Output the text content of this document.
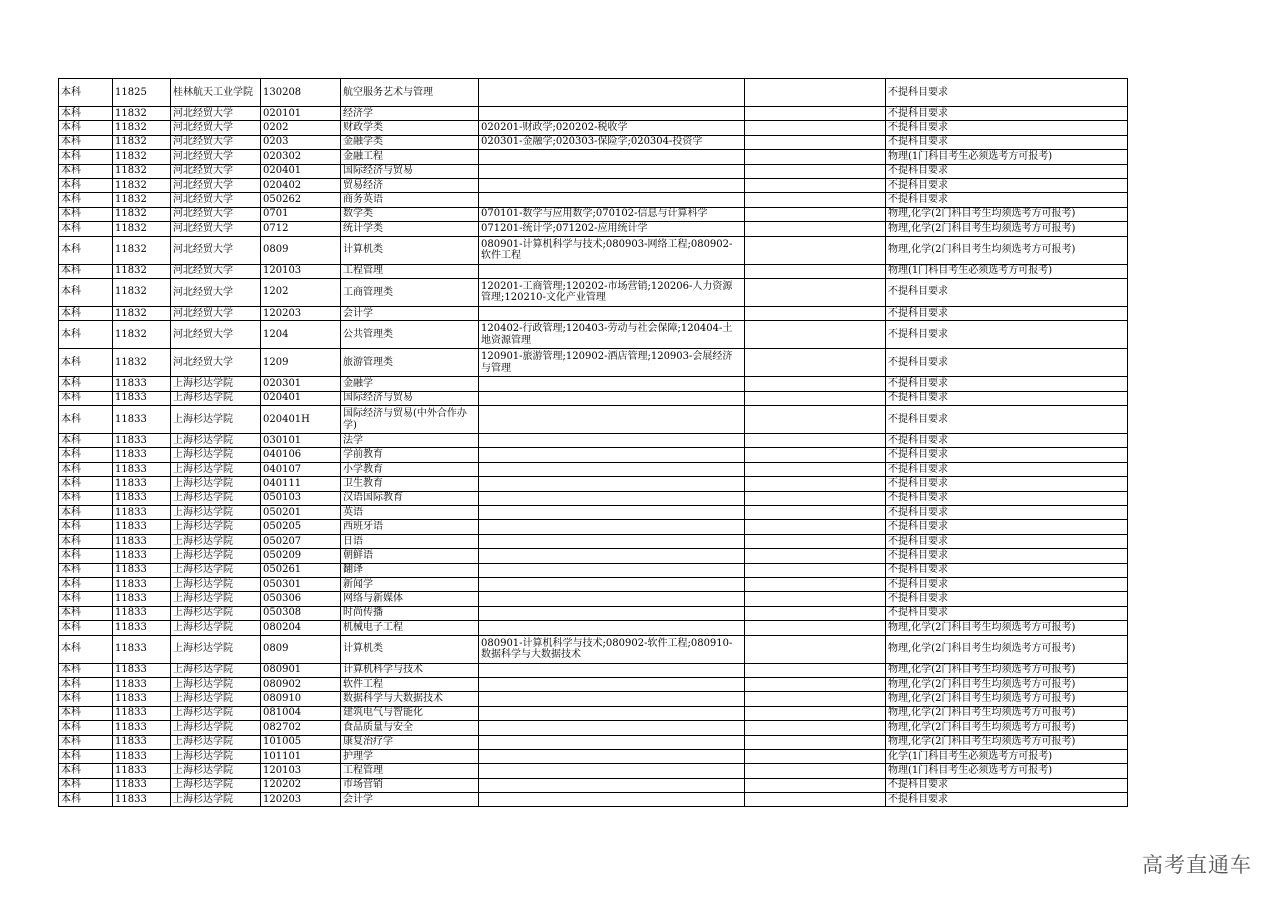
本科	11825	桂林航天工业学院	130208	航空服务艺术与管理			不提科目要求
本科	11832	河北经贸大学	020101	经济学			不提科目要求
本科	11832	河北经贸大学	0202	财政学类	020201-财政学;020202-税收学		不提科目要求
本科	11832	河北经贸大学	0203	金融学类	020301-金融学;020303-保险学;020304-投资学		不提科目要求
本科	11832	河北经贸大学	020302	金融工程			物理(1门科目考生必须选考方可报考)
本科	11832	河北经贸大学	020401	国际经济与贸易			不提科目要求
本科	11832	河北经贸大学	020402	贸易经济			不提科目要求
本科	11832	河北经贸大学	050262	商务英语			不提科目要求
本科	11832	河北经贸大学	0701	数学类	070101-数学与应用数学;070102-信息与计算科学		物理,化学(2门科目考生均须选考方可报考)
本科	11832	河北经贸大学	0712	统计学类	071201-统计学;071202-应用统计学		物理,化学(2门科目考生均须选考方可报考)
本科	11832	河北经贸大学	0809	计算机类	080901-计算机科学与技术;080903-网络工程;080902-软件工程		物理,化学(2门科目考生均须选考方可报考)
本科	11832	河北经贸大学	120103	工程管理			物理(1门科目考生必须选考方可报考)
本科	11832	河北经贸大学	1202	工商管理类	120201-工商管理;120202-市场营销;120206-人力资源管理;120210-文化产业管理		不提科目要求
本科	11832	河北经贸大学	120203	会计学			不提科目要求
本科	11832	河北经贸大学	1204	公共管理类	120402-行政管理;120403-劳动与社会保障;120404-土地资源管理		不提科目要求
本科	11832	河北经贸大学	1209	旅游管理类	120901-旅游管理;120902-酒店管理;120903-会展经济与管理		不提科目要求
本科	11833	上海杉达学院	020301	金融学			不提科目要求
本科	11833	上海杉达学院	020401	国际经济与贸易			不提科目要求
本科	11833	上海杉达学院	020401H	国际经济与贸易(中外合作办学)			不提科目要求
本科	11833	上海杉达学院	030101	法学			不提科目要求
本科	11833	上海杉达学院	040106	学前教育			不提科目要求
本科	11833	上海杉达学院	040107	小学教育			不提科目要求
本科	11833	上海杉达学院	040111	卫生教育			不提科目要求
本科	11833	上海杉达学院	050103	汉语国际教育			不提科目要求
本科	11833	上海杉达学院	050201	英语			不提科目要求
本科	11833	上海杉达学院	050205	西班牙语			不提科目要求
本科	11833	上海杉达学院	050207	日语			不提科目要求
本科	11833	上海杉达学院	050209	朝鲜语			不提科目要求
本科	11833	上海杉达学院	050261	翻译			不提科目要求
本科	11833	上海杉达学院	050301	新闻学			不提科目要求
本科	11833	上海杉达学院	050306	网络与新媒体			不提科目要求
本科	11833	上海杉达学院	050308	时尚传播			不提科目要求
本科	11833	上海杉达学院	080204	机械电子工程			物理,化学(2门科目考生均须选考方可报考)
本科	11833	上海杉达学院	0809	计算机类	080901-计算机科学与技术;080902-软件工程;080910-数据科学与大数据技术		物理,化学(2门科目考生均须选考方可报考)
本科	11833	上海杉达学院	080901	计算机科学与技术			物理,化学(2门科目考生均须选考方可报考)
本科	11833	上海杉达学院	080902	软件工程			物理,化学(2门科目考生均须选考方可报考)
本科	11833	上海杉达学院	080910	数据科学与大数据技术			物理,化学(2门科目考生均须选考方可报考)
本科	11833	上海杉达学院	081004	建筑电气与智能化			物理,化学(2门科目考生均须选考方可报考)
本科	11833	上海杉达学院	082702	食品质量与安全			物理,化学(2门科目考生均须选考方可报考)
本科	11833	上海杉达学院	101005	康复治疗学			物理,化学(2门科目考生均须选考方可报考)
本科	11833	上海杉达学院	101101	护理学			化学(1门科目考生必须选考方可报考)
本科	11833	上海杉达学院	120103	工程管理			物理(1门科目考生必须选考方可报考)
本科	11833	上海杉达学院	120202	市场营销			不提科目要求
本科	11833	上海杉达学院	120203	会计学			不提科目要求
高考直通车
